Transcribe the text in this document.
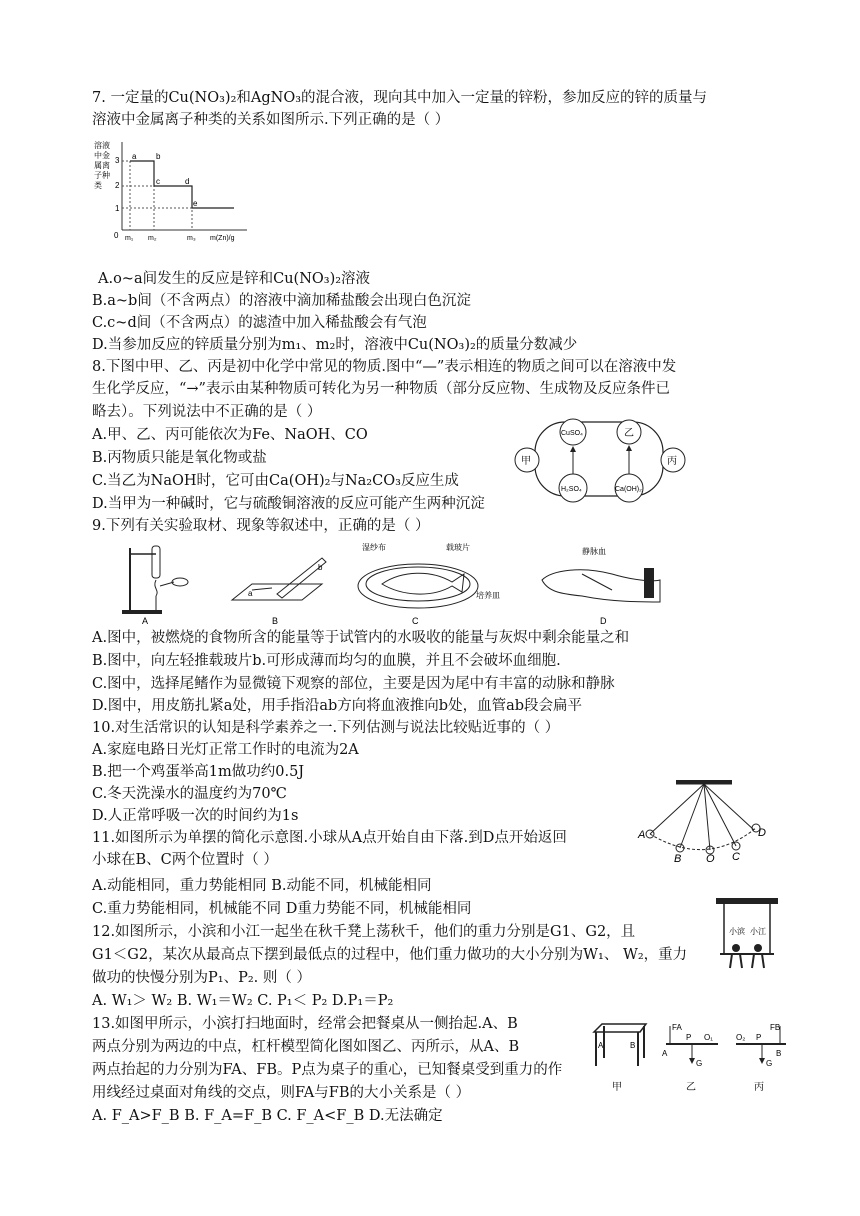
7. 一定量的Cu(NO₃)₂和AgNO₃的混合液，现向其中加入一定量的锌粉，参加反应的锌的质量与
溶液中金属离子种类的关系如图所示.下列正确的是（ ）
溶液中金属离子种类
0
3
2
1
a b
c	d
e
m₁ m₂	m₃ m(Zn)/g
A.o~a间发生的反应是锌和Cu(NO₃)₂溶液
B.a~b间（不含两点）的溶液中滴加稀盐酸会出现白色沉淀
C.c~d间（不含两点）的滤渣中加入稀盐酸会有气泡
D.当参加反应的锌质量分别为m₁、m₂时，溶液中Cu(NO₃)₂的质量分数减少
8.下图中甲、乙、丙是初中化学中常见的物质.图中“—”表示相连的物质之间可以在溶液中发
生化学反应，“→”表示由某种物质可转化为另一种物质（部分反应物、生成物及反应条件已
略去）。下列说法中不正确的是（ ）
A.甲、乙、丙可能依次为Fe、NaOH、CO
B.丙物质只能是氧化物或盐
C.当乙为NaOH时，它可由Ca(OH)₂与Na₂CO₃反应生成
D.当甲为一种碱时，它与硫酸铜溶液的反应可能产生两种沉淀
甲	丙
CuSO₄	乙
H₂SO₄	Ca(OH)₂
9.下列有关实验取材、现象等叙述中，正确的是（ ）
A
a
b
B
湿纱布	载玻片
培养皿
C
静脉血
D
A.图中，被燃烧的食物所含的能量等于试管内的水吸收的能量与灰烬中剩余能量之和
B.图中，向左轻推载玻片b.可形成薄而均匀的血膜，并且不会破坏血细胞.
C.图中，选择尾鳍作为显微镜下观察的部位，主要是因为尾中有丰富的动脉和静脉
D.图中，用皮筋扎紧a处，用手指沿ab方向将血液推向b处，血管ab段会扁平
10.对生活常识的认知是科学素养之一.下列估测与说法比较贴近事的（ ）
A.家庭电路日光灯正常工作时的电流为2A
B.把一个鸡蛋举高1m做功约0.5J
C.冬天洗澡水的温度约为70℃
D.人正常呼吸一次的时间约为1s
A
B O C
D
11.如图所示为单摆的简化示意图.小球从A点开始自由下落.到D点开始返回
小球在B、C两个位置时（ ）
A.动能相同，重力势能相同 B.动能不同，机械能相同
C.重力势能相同，机械能不同 D重力势能不同，机械能相同
12.如图所示，小滨和小江一起坐在秋千凳上荡秋千，他们的重力分别是G1、G2，且
G1＜G2，某次从最高点下摆到最低点的过程中，他们重力做功的大小分别为W₁、 W₂，重力
做功的快慢分别为P₁、P₂. 则（ ）
A. W₁＞ W₂ B. W₁＝W₂ C. P₁＜ P₂ D.P₁＝P₂
小滨 小江
13.如图甲所示，小滨打扫地面时，经常会把餐桌从一侧抬起.A、B
两点分别为两边的中点，杠杆模型简化图如图乙、丙所示，从A、B
两点抬起的力分别为FA、FB。P点为桌子的重心，已知餐桌受到重力的作
用线经过桌面对角线的交点，则FA与FB的大小关系是（ ）
A. F_A>F_B B. F_A=F_B C. F_A<F_B D.无法确定
A	B
甲
FA
P O₁
A
G
乙
O₂ P
FB
B
G
丙
